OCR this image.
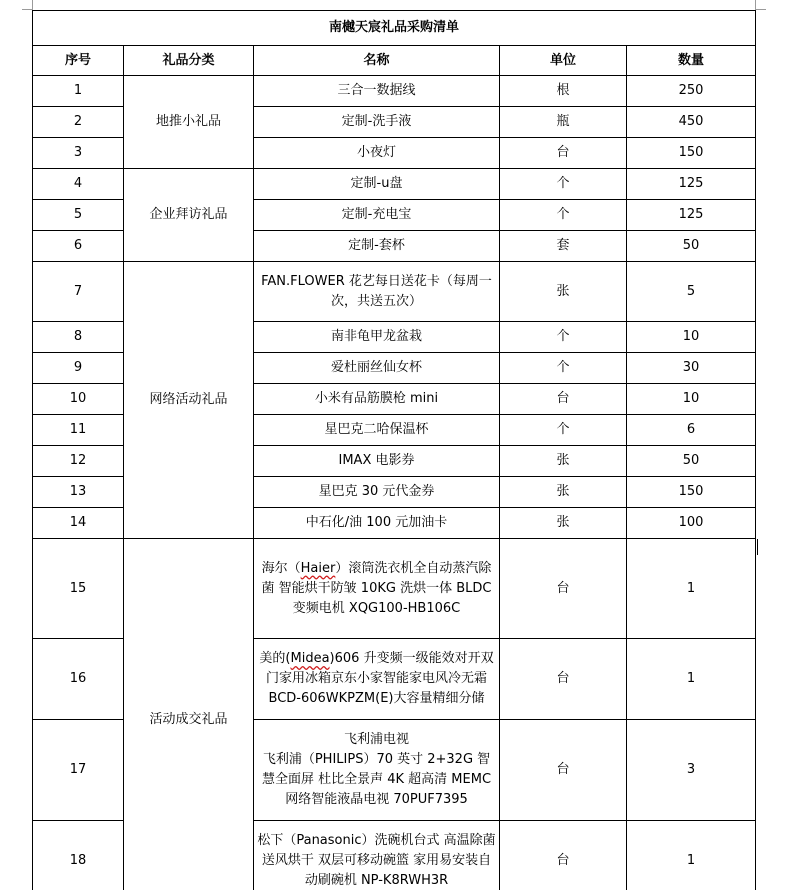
南樾天宸礼品采购清单				
序号	礼品分类	名称	单位	数量
1	地推小礼品	三合一数据线	根	250
2		定制-洗手液	瓶	450
3		小夜灯	台	150
4	企业拜访礼品	定制-u盘	个	125
5		定制-充电宝	个	125
6		定制-套杯	套	50
7	网络活动礼品	FAN.FLOWER 花艺每日送花卡（每周一次，共送五次）	张	5
8		南非龟甲龙盆栽	个	10
9		爱杜丽丝仙女杯	个	30
10		小米有品筋膜枪 mini	台	10
11		星巴克二哈保温杯	个	6
12		IMAX 电影券	张	50
13		星巴克 30 元代金券	张	150
14		中石化/油 100 元加油卡	张	100
15	活动成交礼品	海尔（Haier）滚筒洗衣机全自动蒸汽除菌 智能烘干防皱 10KG 洗烘一体 BLDC 变频电机 XQG100-HB106C	台	1
16		美的(Midea)606 升变频一级能效对开双门家用冰箱京东小家智能家电风冷无霜 BCD-606WKPZM(E)大容量精细分储	台	1
17		飞利浦电视
飞利浦（PHILIPS）70 英寸 2+32G 智慧全面屏 杜比全景声 4K 超高清 MEMC 网络智能液晶电视 70PUF7395	台	3
18		松下（Panasonic）洗碗机台式 高温除菌 送风烘干 双层可移动碗篮 家用易安装自动刷碗机 NP-K8RWH3R	台	1
